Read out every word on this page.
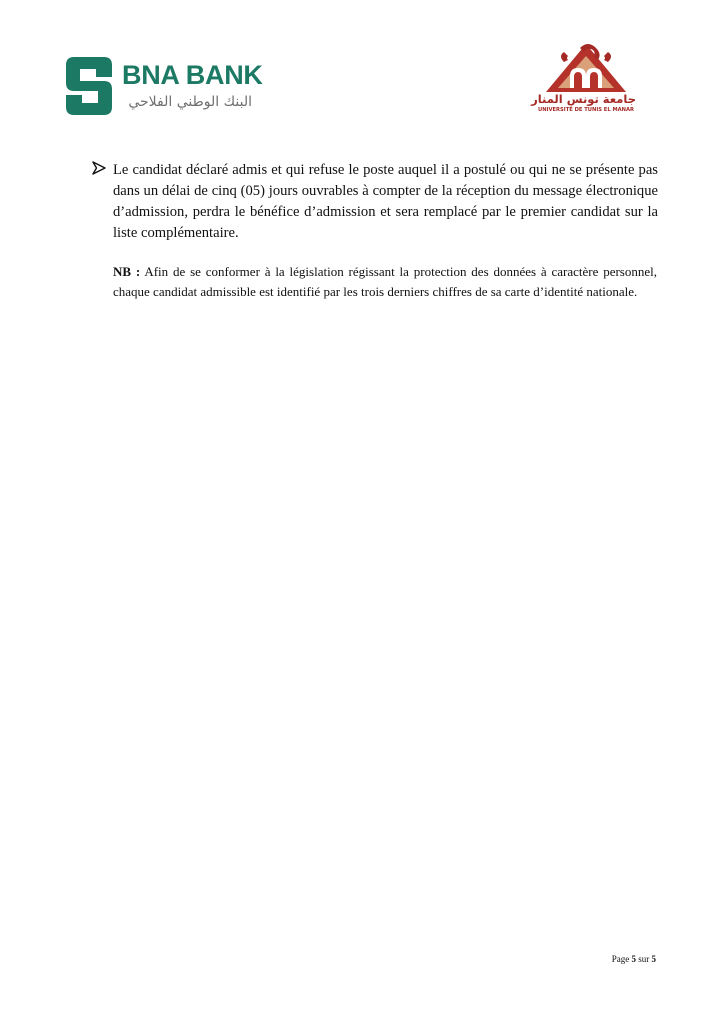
BNA BANK
البنك الوطني الفلاحي	جامعة تونس المنار
UNIVERSITÉ DE TUNIS EL MANAR

Le candidat déclaré admis et qui refuse le poste auquel il a postulé ou qui ne se présente pas dans un délai de cinq (05) jours ouvrables à compter de la réception du message électronique d’admission, perdra le bénéfice d’admission et sera remplacé par le premier candidat sur la liste complémentaire.

NB : Afin de se conformer à la législation régissant la protection des données à caractère personnel, chaque candidat admissible est identifié par les trois derniers chiffres de sa carte d’identité nationale.

Page 5 sur 5
